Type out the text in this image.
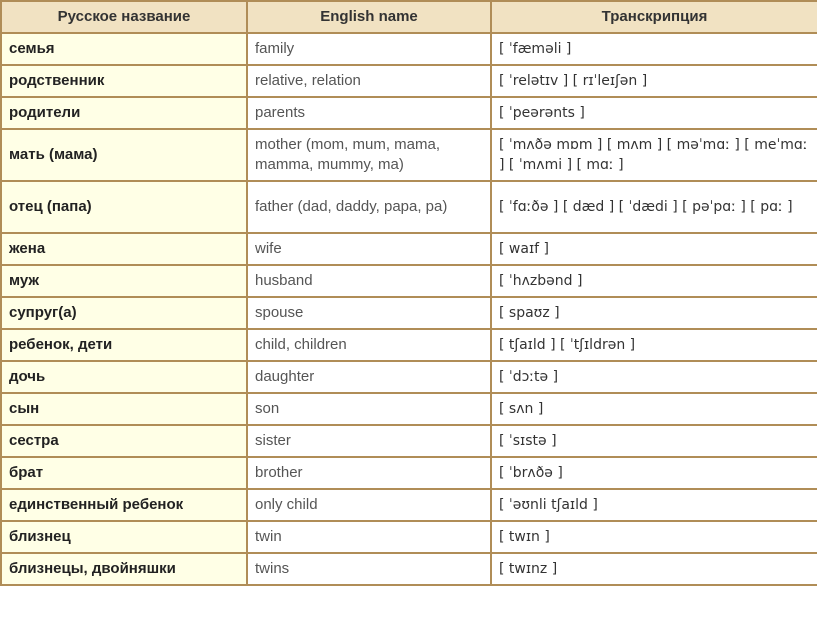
Русское название	English name	Транскрипция
семья	family	[ ˈfæməli ]
родственник	relative, relation	[ ˈrelətɪv ] [ rɪˈleɪʃən ]
родители	parents	[ ˈpeərənts ]
мать (мама)	mother (mom, mum, mama, mamma, mummy, ma)	[ ˈmʌðə mɒm ] [ mʌm ] [ məˈmɑː ] [ meˈmɑː ] [ ˈmʌmi ] [ mɑː ]
отец (папа)	father (dad, daddy, papa, pa)	[ ˈfɑːðə ] [ dæd ] [ ˈdædi ] [ pəˈpɑː ] [ pɑː ]
жена	wife	[ waɪf ]
муж	husband	[ ˈhʌzbənd ]
супруг(а)	spouse	[ spaʊz ]
ребенок, дети	child, children	[ tʃaɪld ] [ ˈtʃɪldrən ]
дочь	daughter	[ ˈdɔːtə ]
сын	son	[ sʌn ]
сестра	sister	[ ˈsɪstə ]
брат	brother	[ ˈbrʌðə ]
единственный ребенок	only child	[ ˈəʊnli tʃaɪld ]
близнец	twin	[ twɪn ]
близнецы, двойняшки	twins	[ twɪnz ]
